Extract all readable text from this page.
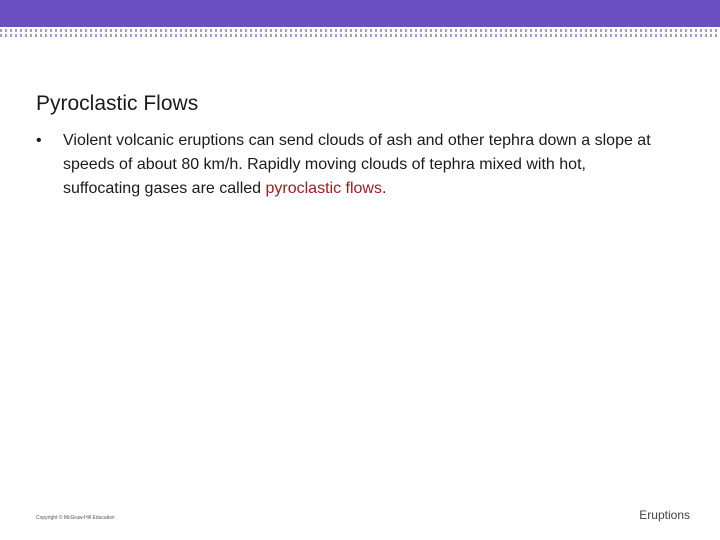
Pyroclastic Flows
• Violent volcanic eruptions can send clouds of ash and other tephra down a slope at speeds of about 80 km/h. Rapidly moving clouds of tephra mixed with hot, suffocating gases are called pyroclastic flows.
Copyright © McGraw-Hill Education	Eruptions
